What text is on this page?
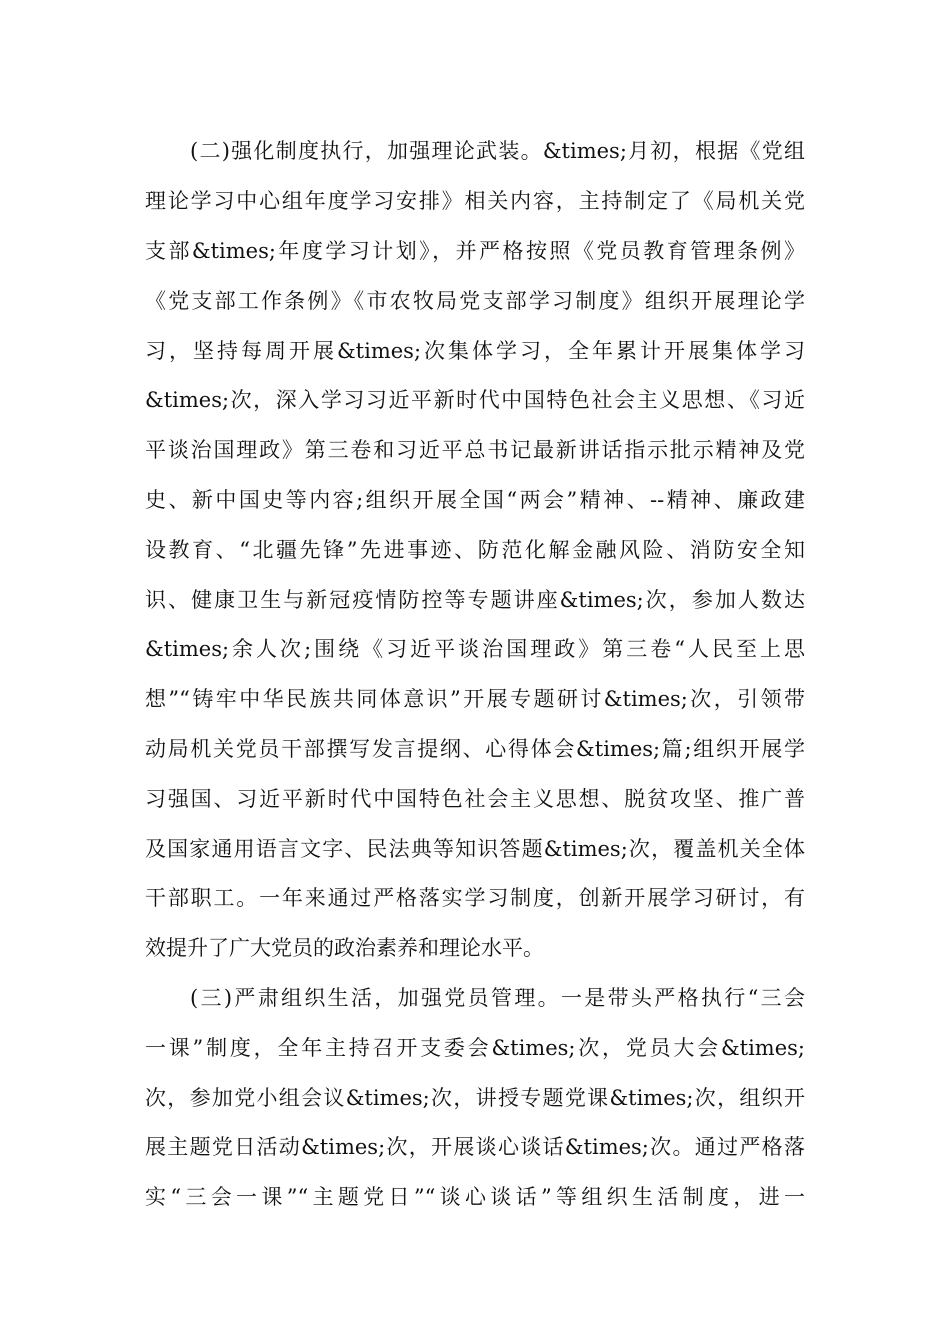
(二)强化制度执行，加强理论武装。&times;月初，根据《党组
理论学习中心组年度学习安排》相关内容，主持制定了《局机关党
支部&times;年度学习计划》，并严格按照《党员教育管理条例》
《党支部工作条例》《市农牧局党支部学习制度》组织开展理论学
习，坚持每周开展&times;次集体学习，全年累计开展集体学习
&times;次，深入学习习近平新时代中国特色社会主义思想、《习近
平谈治国理政》第三卷和习近平总书记最新讲话指示批示精神及党
史、新中国史等内容;组织开展全国“两会”精神、--精神、廉政建
设教育、“北疆先锋”先进事迹、防范化解金融风险、消防安全知
识、健康卫生与新冠疫情防控等专题讲座&times;次，参加人数达
&times;余人次;围绕《习近平谈治国理政》第三卷“人民至上思
想”“铸牢中华民族共同体意识”开展专题研讨&times;次，引领带
动局机关党员干部撰写发言提纲、心得体会&times;篇;组织开展学
习强国、习近平新时代中国特色社会主义思想、脱贫攻坚、推广普
及国家通用语言文字、民法典等知识答题&times;次，覆盖机关全体
干部职工。一年来通过严格落实学习制度，创新开展学习研讨，有
效提升了广大党员的政治素养和理论水平。
(三)严肃组织生活，加强党员管理。一是带头严格执行“三会
一课”制度，全年主持召开支委会&times;次，党员大会&times;
次，参加党小组会议&times;次，讲授专题党课&times;次，组织开
展主题党日活动&times;次，开展谈心谈话&times;次。通过严格落
实“三会一课”“主题党日”“谈心谈话”等组织生活制度，进一
